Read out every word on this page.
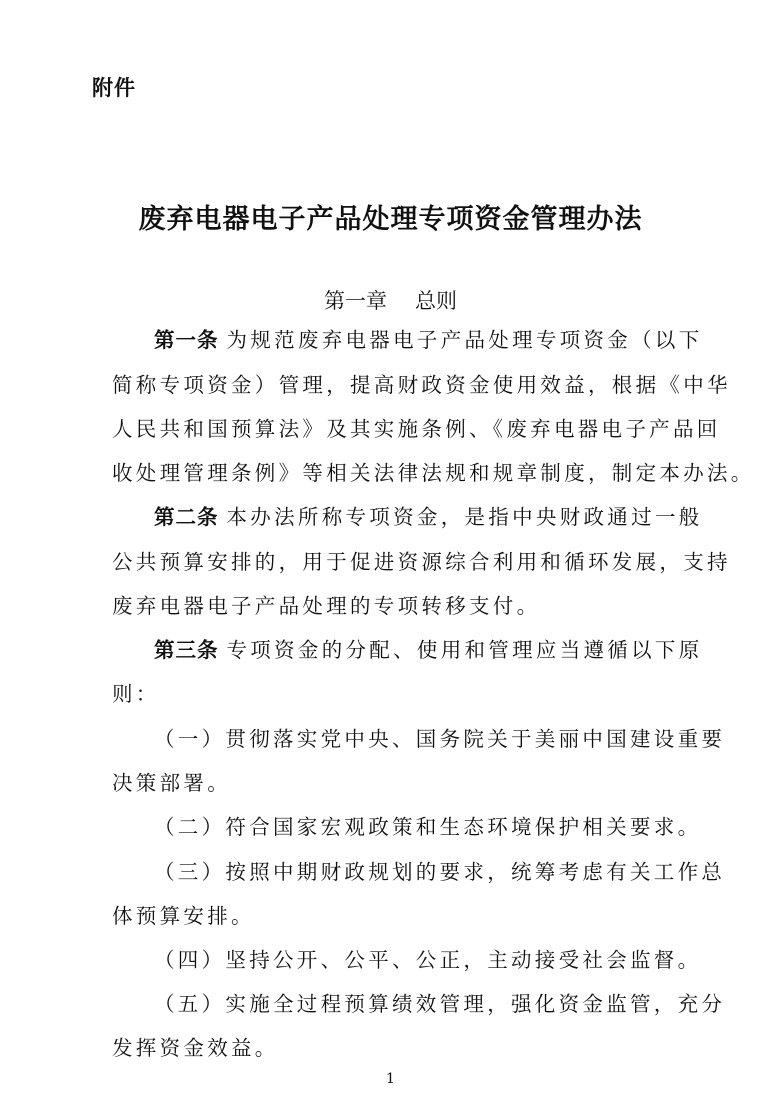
附件
废弃电器电子产品处理专项资金管理办法
第一章 总则
第一条 为规范废弃电器电子产品处理专项资金（以下
简称专项资金）管理，提高财政资金使用效益，根据《中华
人民共和国预算法》及其实施条例、《废弃电器电子产品回
收处理管理条例》等相关法律法规和规章制度，制定本办法。
第二条 本办法所称专项资金，是指中央财政通过一般
公共预算安排的，用于促进资源综合利用和循环发展，支持
废弃电器电子产品处理的专项转移支付。
第三条 专项资金的分配、使用和管理应当遵循以下原
则：
（一）贯彻落实党中央、国务院关于美丽中国建设重要
决策部署。
（二）符合国家宏观政策和生态环境保护相关要求。
（三）按照中期财政规划的要求，统筹考虑有关工作总
体预算安排。
（四）坚持公开、公平、公正，主动接受社会监督。
（五）实施全过程预算绩效管理，强化资金监管，充分
发挥资金效益。
1
